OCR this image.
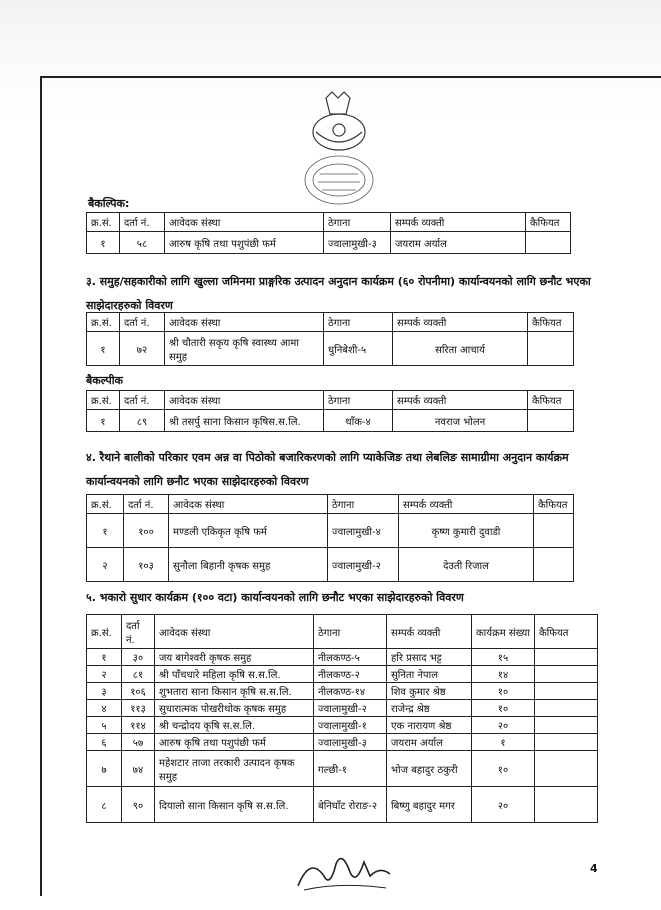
बैकल्पिक:
क्र.सं.	दर्ता नं.	आवेदक संस्था	ठेगाना	सम्पर्क व्यक्ती	कैफियत
१	५८	आरुष कृषि तथा पशुपंछी फर्म	ज्वालामुखी-३	जयराम अर्याल	
३. समुह/सहकारीको लागि खुल्ला जमिनमा प्राङ्गरिक उत्पादन अनुदान कार्यक्रम (६० रोपनीमा) कार्यान्वयनको लागि छनौट भएका साझेदारहरुको विवरण
क्र.सं.	दर्ता नं.	आवेदक संस्था	ठेगाना	सम्पर्क व्यक्ती	कैफियत
१	७२	श्री चौतारी सकृय कृषि स्वास्थ्य आमा समुह	धुनिबेशी-५	सरिता आचार्य	
बैकल्पीक
क्र.सं.	दर्ता नं.	आवेदक संस्था	ठेगाना	सम्पर्क व्यक्ती	कैफियत
१	८९	श्री तसर्पु साना किसान कृषिस.स.लि.	थाँक-४	नवराज भोलन	
४. रैथाने बालीको परिकार एवम अन्न वा पिठोको बजारिकरणको लागि प्याकेजिङ तथा लेबलिङ सामाग्रीमा अनुदान कार्यक्रम कार्यान्वयनको लागि छनौट भएका साझेदारहरुको विवरण
क्र.सं.	दर्ता नं.	आवेदक संस्था	ठेगाना	सम्पर्क व्यक्ती	कैफियत
१	१००	मण्डली एकिकृत कृषि फर्म	ज्वालामुखी-४	कृष्ण कुमारी दुवाडी	
२	१०३	सुनौला बिहानी कृषक समुह	ज्वालामुखी-२	देउती रिजाल	
५. भकारो सुधार कार्यक्रम (१०० वटा) कार्यान्वयनको लागि छनौट भएका साझेदारहरुको विवरण
क्र.सं.	दर्ता नं.	आवेदक संस्था	ठेगाना	सम्पर्क व्यक्ती	कार्यक्रम संख्या	कैफियत
१	३०	जय बागेश्वरी कृषक समुह	नीलकण्ठ-५	हरि प्रसाद भट्ट	१५	
२	८१	श्री पाँचधारे महिला कृषि स.स.लि.	नीलकण्ठ-२	सुनिता नेपाल	१४	
३	१०६	शुभतारा साना किसान कृषि स.स.लि.	नीलकण्ठ-१४	शिव कुमार श्रेष्ठ	१०	
४	११३	सुधारात्मक पोखरीथोक कृषक समुह	ज्वालामुखी-२	राजेन्द्र श्रेष्ठ	१०	
५	११४	श्री चन्द्रोदय कृषि स.स.लि.	ज्वालामुखी-१	एक नारायण श्रेष्ठ	२०	
६	५७	आरुष कृषि तथा पशुपंछी फर्म	ज्वालामुखी-३	जयराम अर्याल	१	
७	७४	महेशटार ताजा तरकारी उत्पादन कृषक समुह	गल्छी-१	भोज बहादुर ठकुरी	१०	
८	९०	दियालो साना किसान कृषि स.स.लि.	बेनिघाँट रोराङ-२	बिष्णु बहादुर मगर	२०	
4
